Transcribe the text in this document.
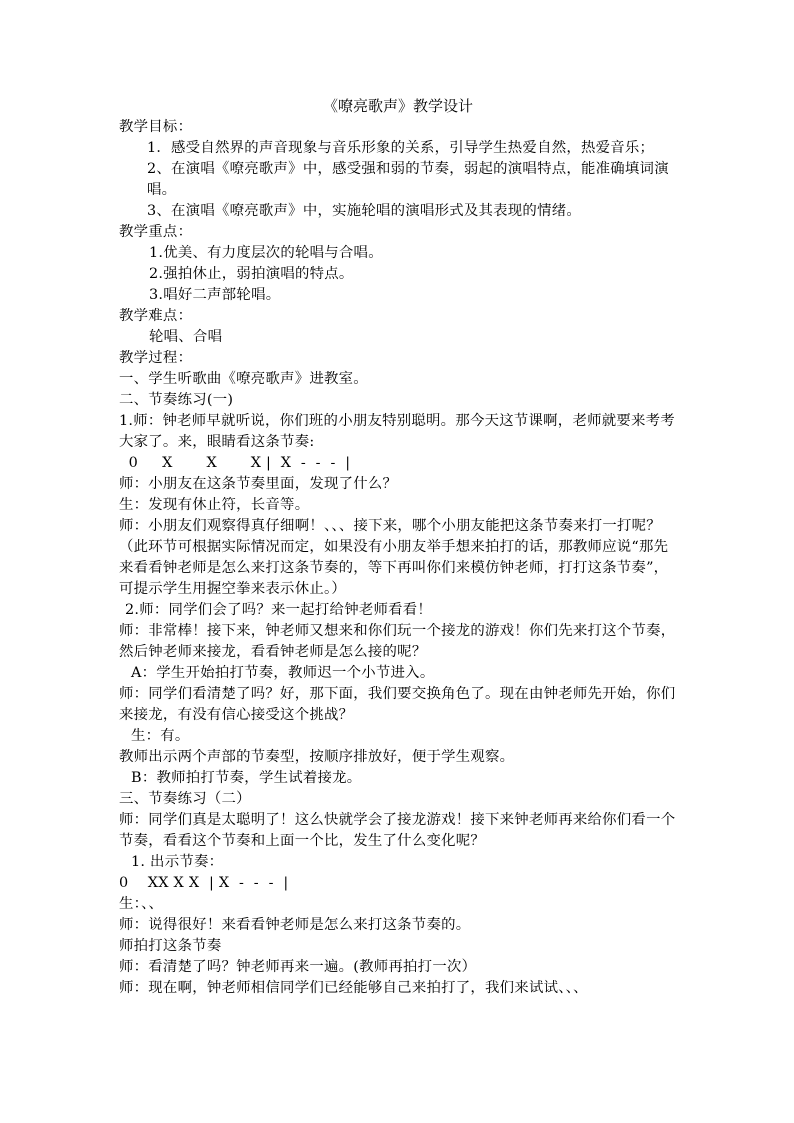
《嘹亮歌声》教学设计
教学目标：
1．感受自然界的声音现象与音乐形象的关系，引导学生热爱自然，热爱音乐；
2、在演唱《嘹亮歌声》中，感受强和弱的节奏，弱起的演唱特点，能准确填词演唱。
3、在演唱《嘹亮歌声》中，实施轮唱的演唱形式及其表现的情绪。
教学重点：
1.优美、有力度层次的轮唱与合唱。
2.强拍休止，弱拍演唱的特点。
3.唱好二声部轮唱。
教学难点：
轮唱、合唱
教学过程：
一、学生听歌曲《嘹亮歌声》进教室。
二、节奏练习(一)
1.师：钟老师早就听说，你们班的小朋友特别聪明。那今天这节课啊，老师就要来考考大家了。来，眼睛看这条节奏:
0     X       X       X |  X  -  -  -  |
师：小朋友在这条节奏里面，发现了什么？
生：发现有休止符，长音等。
师：小朋友们观察得真仔细啊！、、、接下来，哪个小朋友能把这条节奏来打一打呢？（此环节可根据实际情况而定，如果没有小朋友举手想来拍打的话，那教师应说“那先来看看钟老师是怎么来打这条节奏的，等下再叫你们来模仿钟老师，打打这条节奏”，可提示学生用握空拳来表示休止。）
2.师：同学们会了吗？来一起打给钟老师看看！
师：非常棒！接下来，钟老师又想来和你们玩一个接龙的游戏！你们先来打这个节奏，然后钟老师来接龙，看看钟老师是怎么接的呢？
A：学生开始拍打节奏，教师迟一个小节进入。
师：同学们看清楚了吗？好，那下面，我们要交换角色了。现在由钟老师先开始，你们来接龙，有没有信心接受这个挑战？
生：有。
教师出示两个声部的节奏型，按顺序排放好，便于学生观察。
B：教师拍打节奏，学生试着接龙。
三、节奏练习（二）
师：同学们真是太聪明了！这么快就学会了接龙游戏！接下来钟老师再来给你们看一个节奏，看看这个节奏和上面一个比，发生了什么变化呢？
1. 出示节奏：
0    XX X X  | X  -  -  -  |
生：、、
师：说得很好！来看看钟老师是怎么来打这条节奏的。
师拍打这条节奏
师：看清楚了吗？钟老师再来一遍。(教师再拍打一次）
师：现在啊，钟老师相信同学们已经能够自己来拍打了，我们来试试、、、
